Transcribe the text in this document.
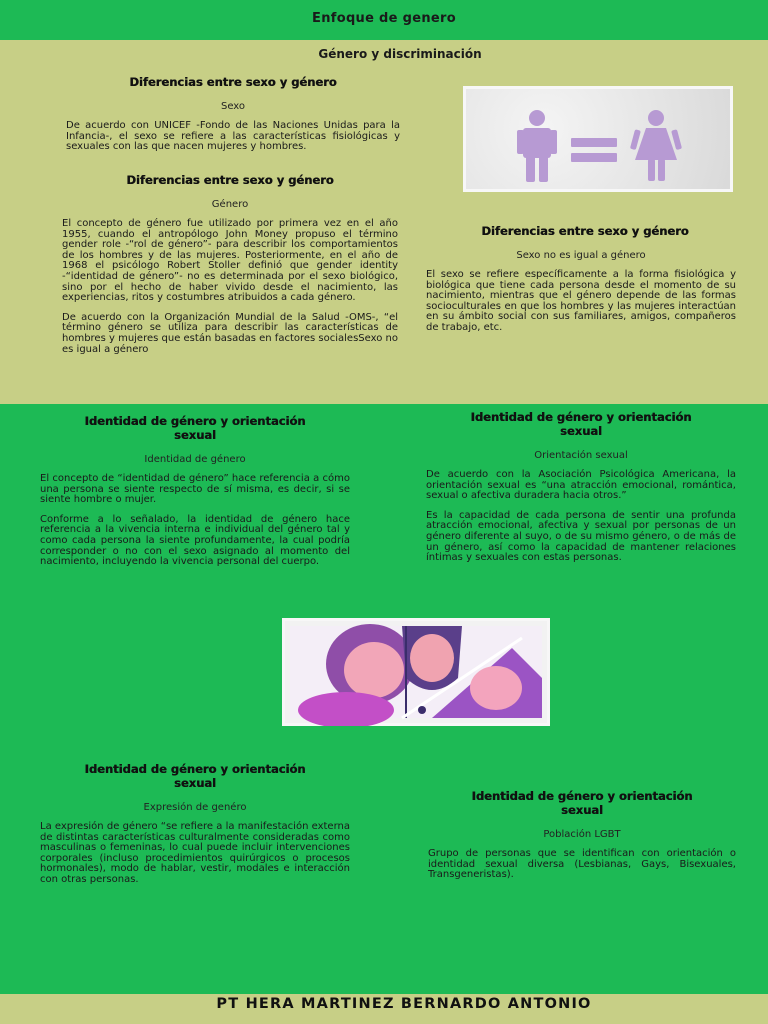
Enfoque de genero
Género y discriminación
Diferencias entre sexo y género
Sexo

De acuerdo con UNICEF -Fondo de las Naciones Unidas para la Infancia-, el sexo se refiere a las características fisiológicas y sexuales con las que nacen mujeres y hombres.

Diferencias entre sexo y género
Género

El concepto de género fue utilizado por primera vez en el año 1955, cuando el antropólogo John Money propuso el término gender role -“rol de género”- para describir los comportamientos de los hombres y de las mujeres. Posteriormente, en el año de 1968 el psicólogo Robert Stoller definió que gender identity -“identidad de género”- no es determinada por el sexo biológico, sino por el hecho de haber vivido desde el nacimiento, las experiencias, ritos y costumbres atribuidos a cada género.

De acuerdo con la Organización Mundial de la Salud -OMS-, “el término género se utiliza para describir las características de hombres y mujeres que están basadas en factores socialesSexo no es igual a género

Diferencias entre sexo y género
Sexo no es igual a género

El sexo se refiere específicamente a la forma fisiológica y biológica que tiene cada persona desde el momento de su nacimiento, mientras que el género depende de las formas socioculturales en que los hombres y las mujeres interactúan en su ámbito social con sus familiares, amigos, compañeros de trabajo, etc.

Identidad de género y orientación sexual
Identidad de género

El concepto de “identidad de género” hace referencia a cómo una persona se siente respecto de sí misma, es decir, si se siente hombre o mujer.

Conforme a lo señalado, la identidad de género hace referencia a la vivencia interna e individual del género tal y como cada persona la siente profundamente, la cual podría corresponder o no con el sexo asignado al momento del nacimiento, incluyendo la vivencia personal del cuerpo.

Identidad de género y orientación sexual
Orientación sexual

De acuerdo con la Asociación Psicológica Americana, la orientación sexual es “una atracción emocional, romántica, sexual o afectiva duradera hacia otros.”

Es la capacidad de cada persona de sentir una profunda atracción emocional, afectiva y sexual por personas de un género diferente al suyo, o de su mismo género, o de más de un género, así como la capacidad de mantener relaciones íntimas y sexuales con estas personas.

Identidad de género y orientación sexual
Expresión de genéro

La expresión de género “se refiere a la manifestación externa de distintas características culturalmente consideradas como masculinas o femeninas, lo cual puede incluir intervenciones corporales (incluso procedimientos quirúrgicos o procesos hormonales), modo de hablar, vestir, modales e interacción con otras personas.

Identidad de género y orientación sexual
Población LGBT

Grupo de personas que se identifican con orientación o identidad sexual diversa (Lesbianas, Gays, Bisexuales, Transgeneristas).

PT HERA MARTINEZ BERNARDO ANTONIO
